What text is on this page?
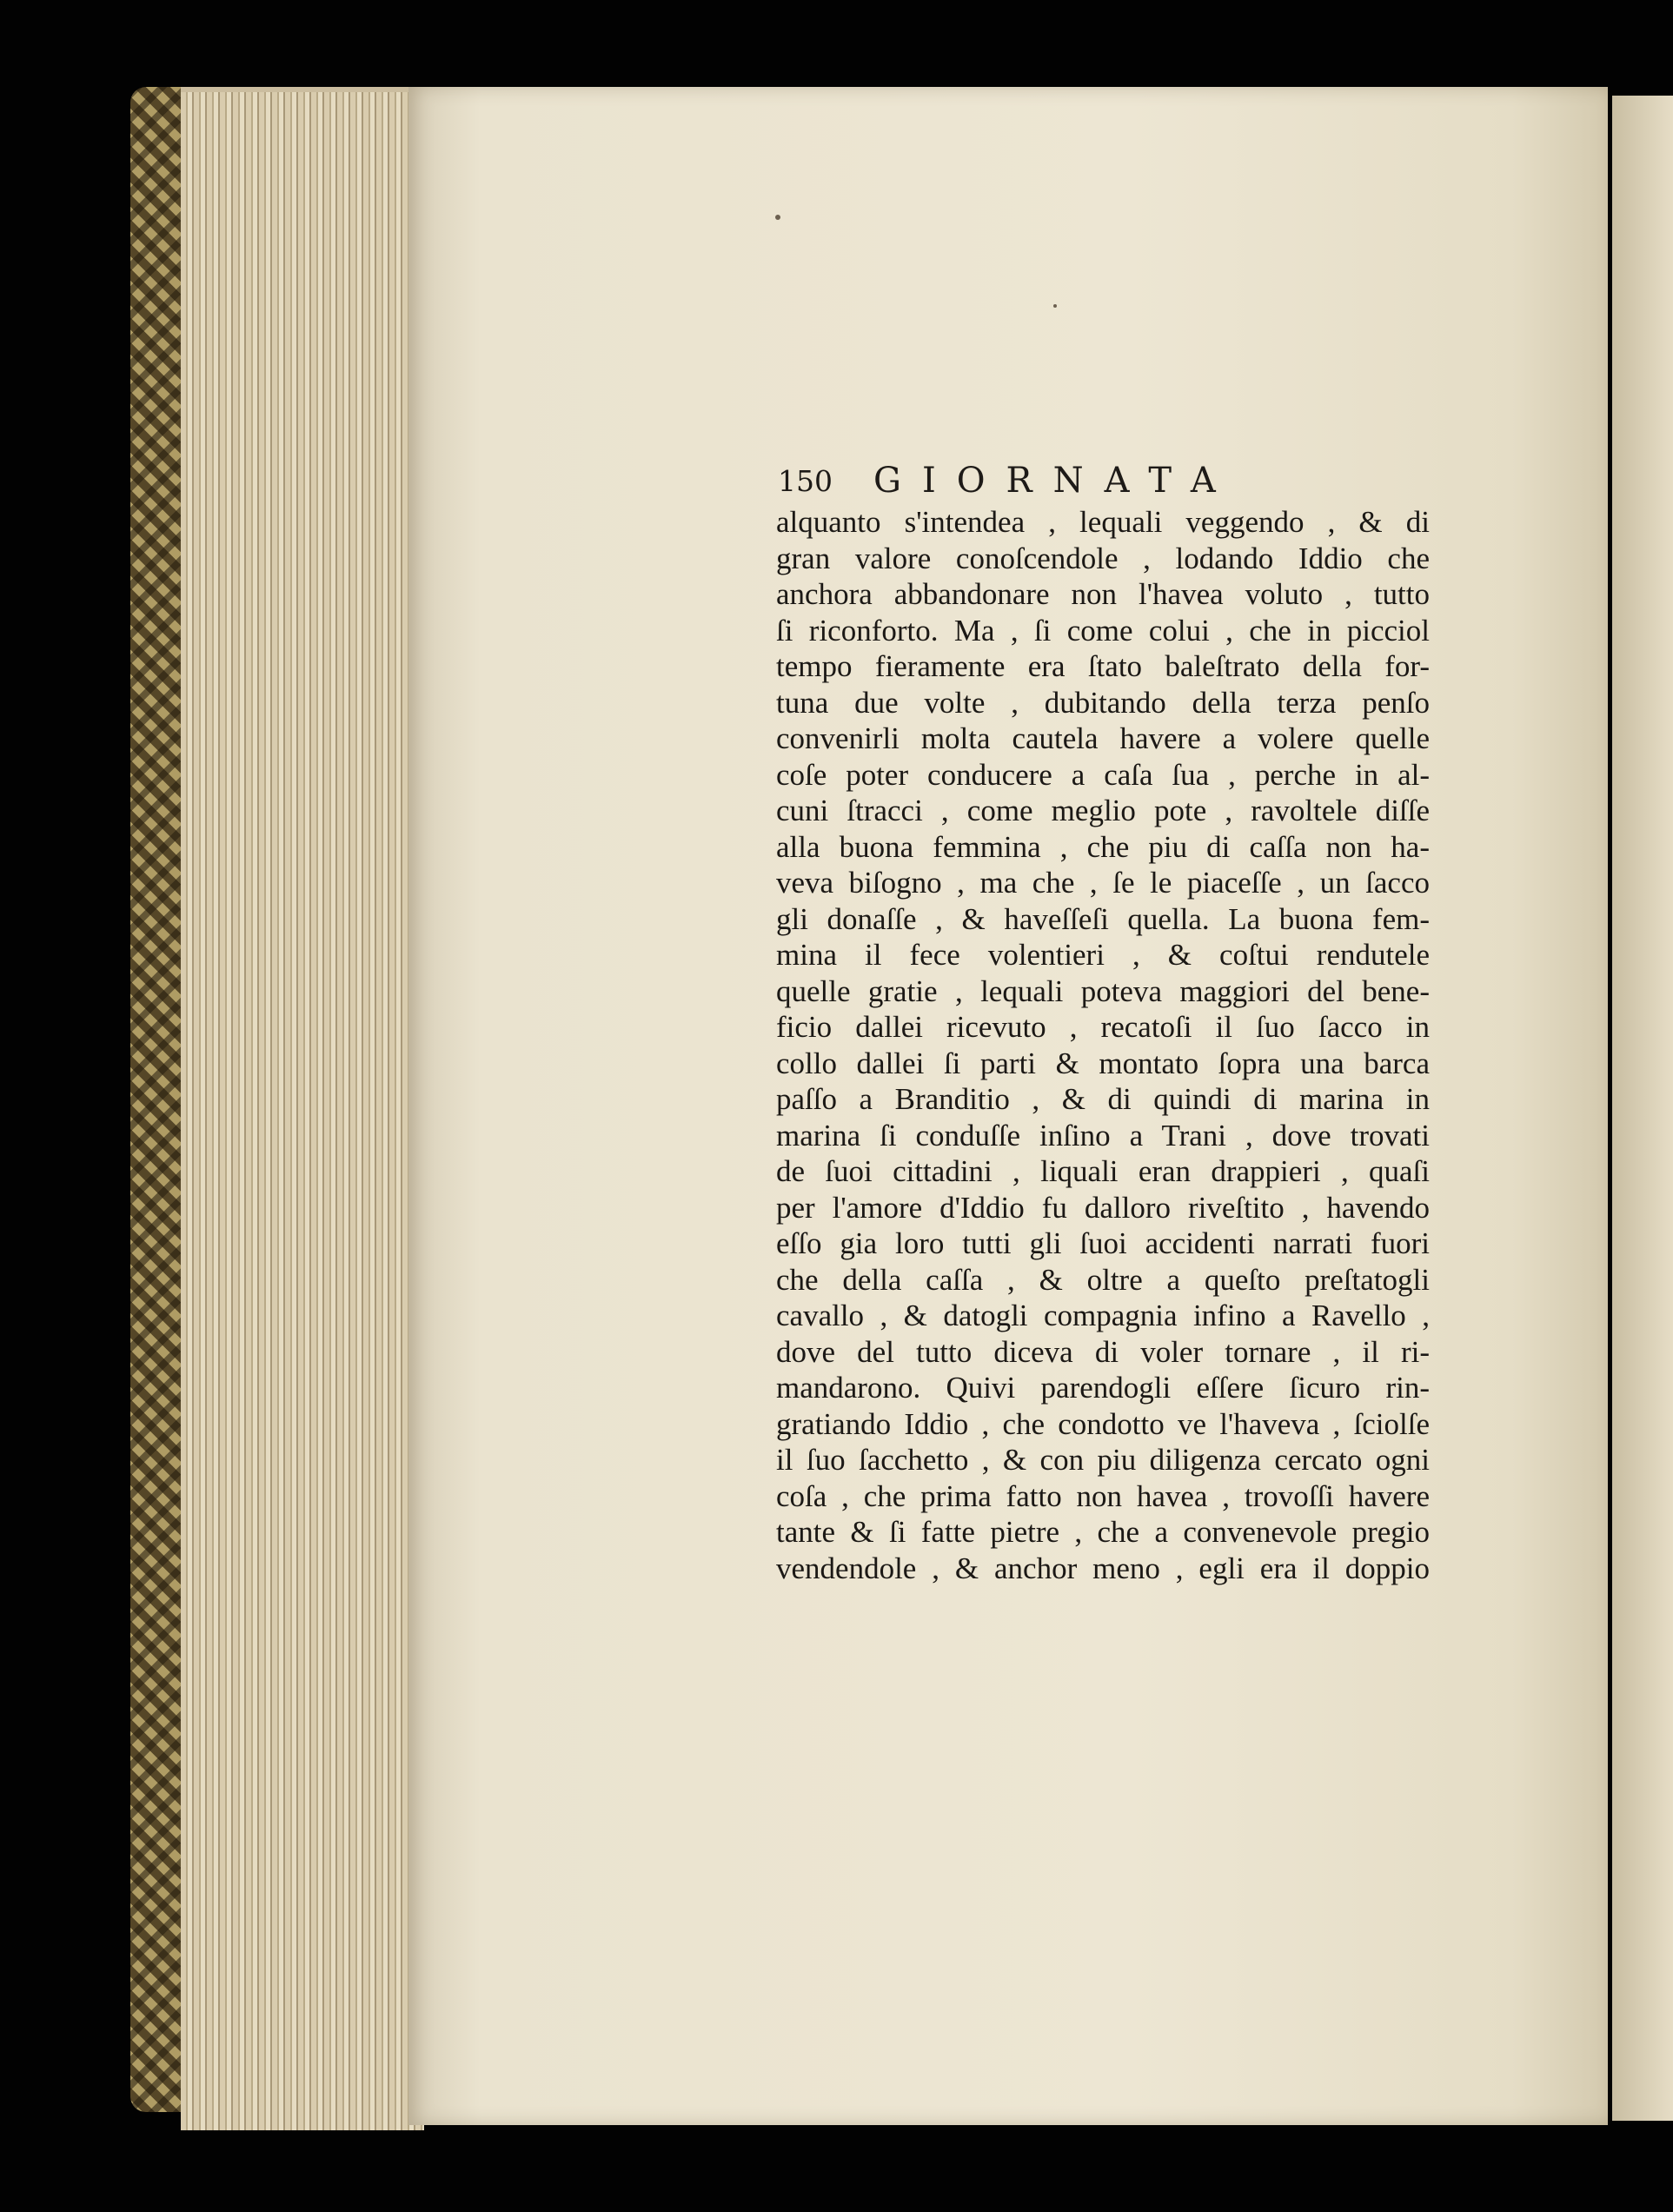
150 GIORNATA
alquanto s'intendea , lequali veggendo , & di
gran valore conoſcendole , lodando Iddio che
anchora abbandonare non l'havea voluto , tutto
ſi riconforto. Ma , ſi come colui , che in picciol
tempo fieramente era ſtato baleſtrato della for-
tuna due volte , dubitando della terza penſo
convenirli molta cautela havere a volere quelle
coſe poter conducere a caſa ſua , perche in al-
cuni ſtracci , come meglio pote , ravoltele diſſe
alla buona femmina , che piu di caſſa non ha-
veva biſogno , ma che , ſe le piaceſſe , un ſacco
gli donaſſe , & haveſſeſi quella. La buona fem-
mina il fece volentieri , & coſtui rendutele
quelle gratie , lequali poteva maggiori del bene-
ficio dallei ricevuto , recatoſi il ſuo ſacco in
collo dallei ſi parti & montato ſopra una barca
paſſo a Branditio , & di quindi di marina in
marina ſi conduſſe inſino a Trani , dove trovati
de ſuoi cittadini , liquali eran drappieri , quaſi
per l'amore d'Iddio fu dalloro riveſtito , havendo
eſſo gia loro tutti gli ſuoi accidenti narrati fuori
che della caſſa , & oltre a queſto preſtatogli
cavallo , & datogli compagnia infino a Ravello ,
dove del tutto diceva di voler tornare , il ri-
mandarono. Quivi parendogli eſſere ſicuro rin-
gratiando Iddio , che condotto ve l'haveva , ſciolſe
il ſuo ſacchetto , & con piu diligenza cercato ogni
coſa , che prima fatto non havea , trovoſſi havere
tante & ſi fatte pietre , che a convenevole pregio
vendendole , & anchor meno , egli era il doppio
